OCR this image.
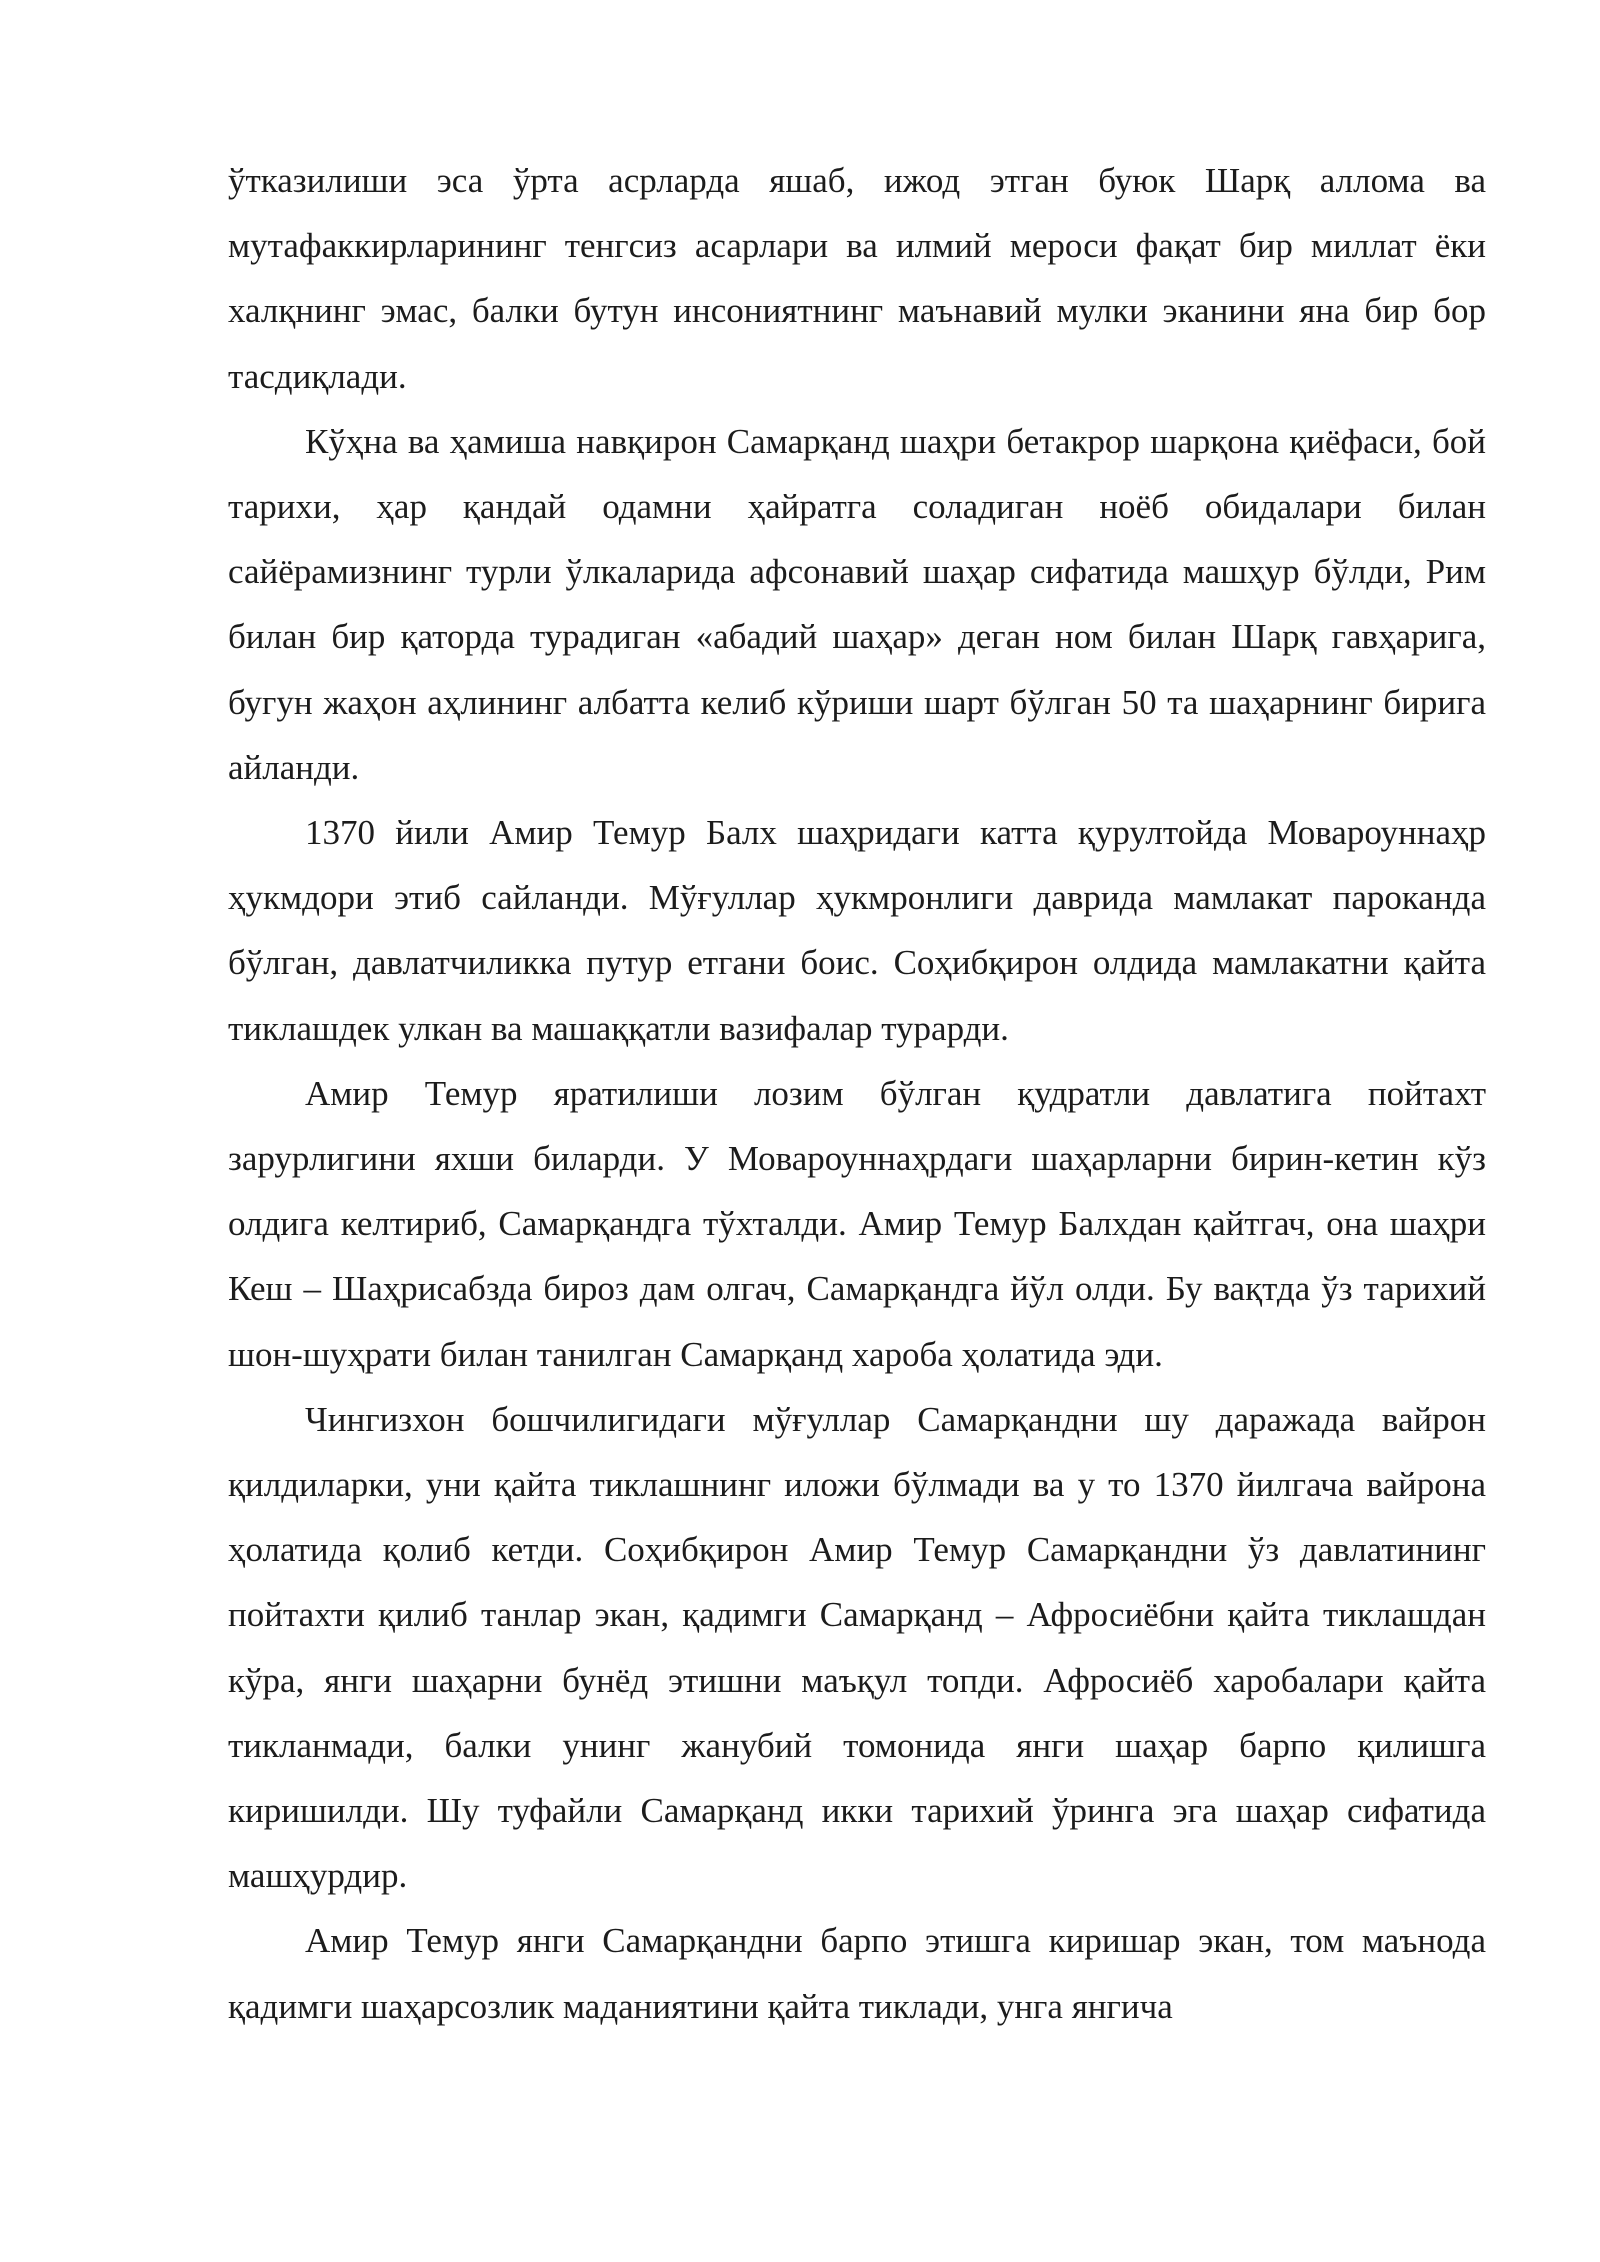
ўтказилиши эса ўрта асрларда яшаб, ижод этган буюк Шарқ аллома ва мутафаккирларининг тенгсиз асарлари ва илмий мероси фақат бир миллат ёки халқнинг эмас, балки бутун инсониятнинг маънавий мулки эканини яна бир бор тасдиқлади.

Кўҳна ва ҳамиша навқирон Самарқанд шаҳри бетакрор шарқона қиёфаси, бой тарихи, ҳар қандай одамни ҳайратга соладиган ноёб обидалари билан сайёрамизнинг турли ўлкаларида афсонавий шаҳар сифатида машҳур бўлди, Рим билан бир қаторда турадиган «абадий шаҳар» деган ном билан Шарқ гавҳарига, бугун жаҳон аҳлининг албатта келиб кўриши шарт бўлган 50 та шаҳарнинг бирига айланди.

1370 йили Амир Темур Балх шаҳридаги катта қурултойда Мовароуннаҳр ҳукмдори этиб сайланди. Мўғуллар ҳукмронлиги даврида мамлакат пароканда бўлган, давлатчиликка путур етгани боис. Соҳибқирон олдида мамлакатни қайта тиклашдек улкан ва машаққатли вазифалар турарди.

Амир Темур яратилиши лозим бўлган қудратли давлатига пойтахт зарурлигини яхши биларди. У Мовароуннаҳрдаги шаҳарларни бирин-кетин кўз олдига келтириб, Самарқандга тўхталди. Амир Темур Балхдан қайтгач, она шаҳри Кеш – Шаҳрисабзда бироз дам олгач, Самарқандга йўл олди. Бу вақтда ўз тарихий шон-шуҳрати билан танилган Самарқанд хароба ҳолатида эди.

Чингизхон бошчилигидаги мўғуллар Самарқандни шу даражада вайрон қилдиларки, уни қайта тиклашнинг иложи бўлмади ва у то 1370 йилгача вайрона ҳолатида қолиб кетди. Соҳибқирон Амир Темур Самарқандни ўз давлатининг пойтахти қилиб танлар экан, қадимги Самарқанд – Афросиёбни қайта тиклашдан кўра, янги шаҳарни бунёд этишни маъқул топди. Афросиёб харобалари қайта тикланмади, балки унинг жанубий томонида янги шаҳар барпо қилишга киришилди. Шу туфайли Самарқанд икки тарихий ўринга эга шаҳар сифатида машҳурдир.

Амир Темур янги Самарқандни барпо этишга киришар экан, том маънода қадимги шаҳарсозлик маданиятини қайта тиклади, унга янгича
